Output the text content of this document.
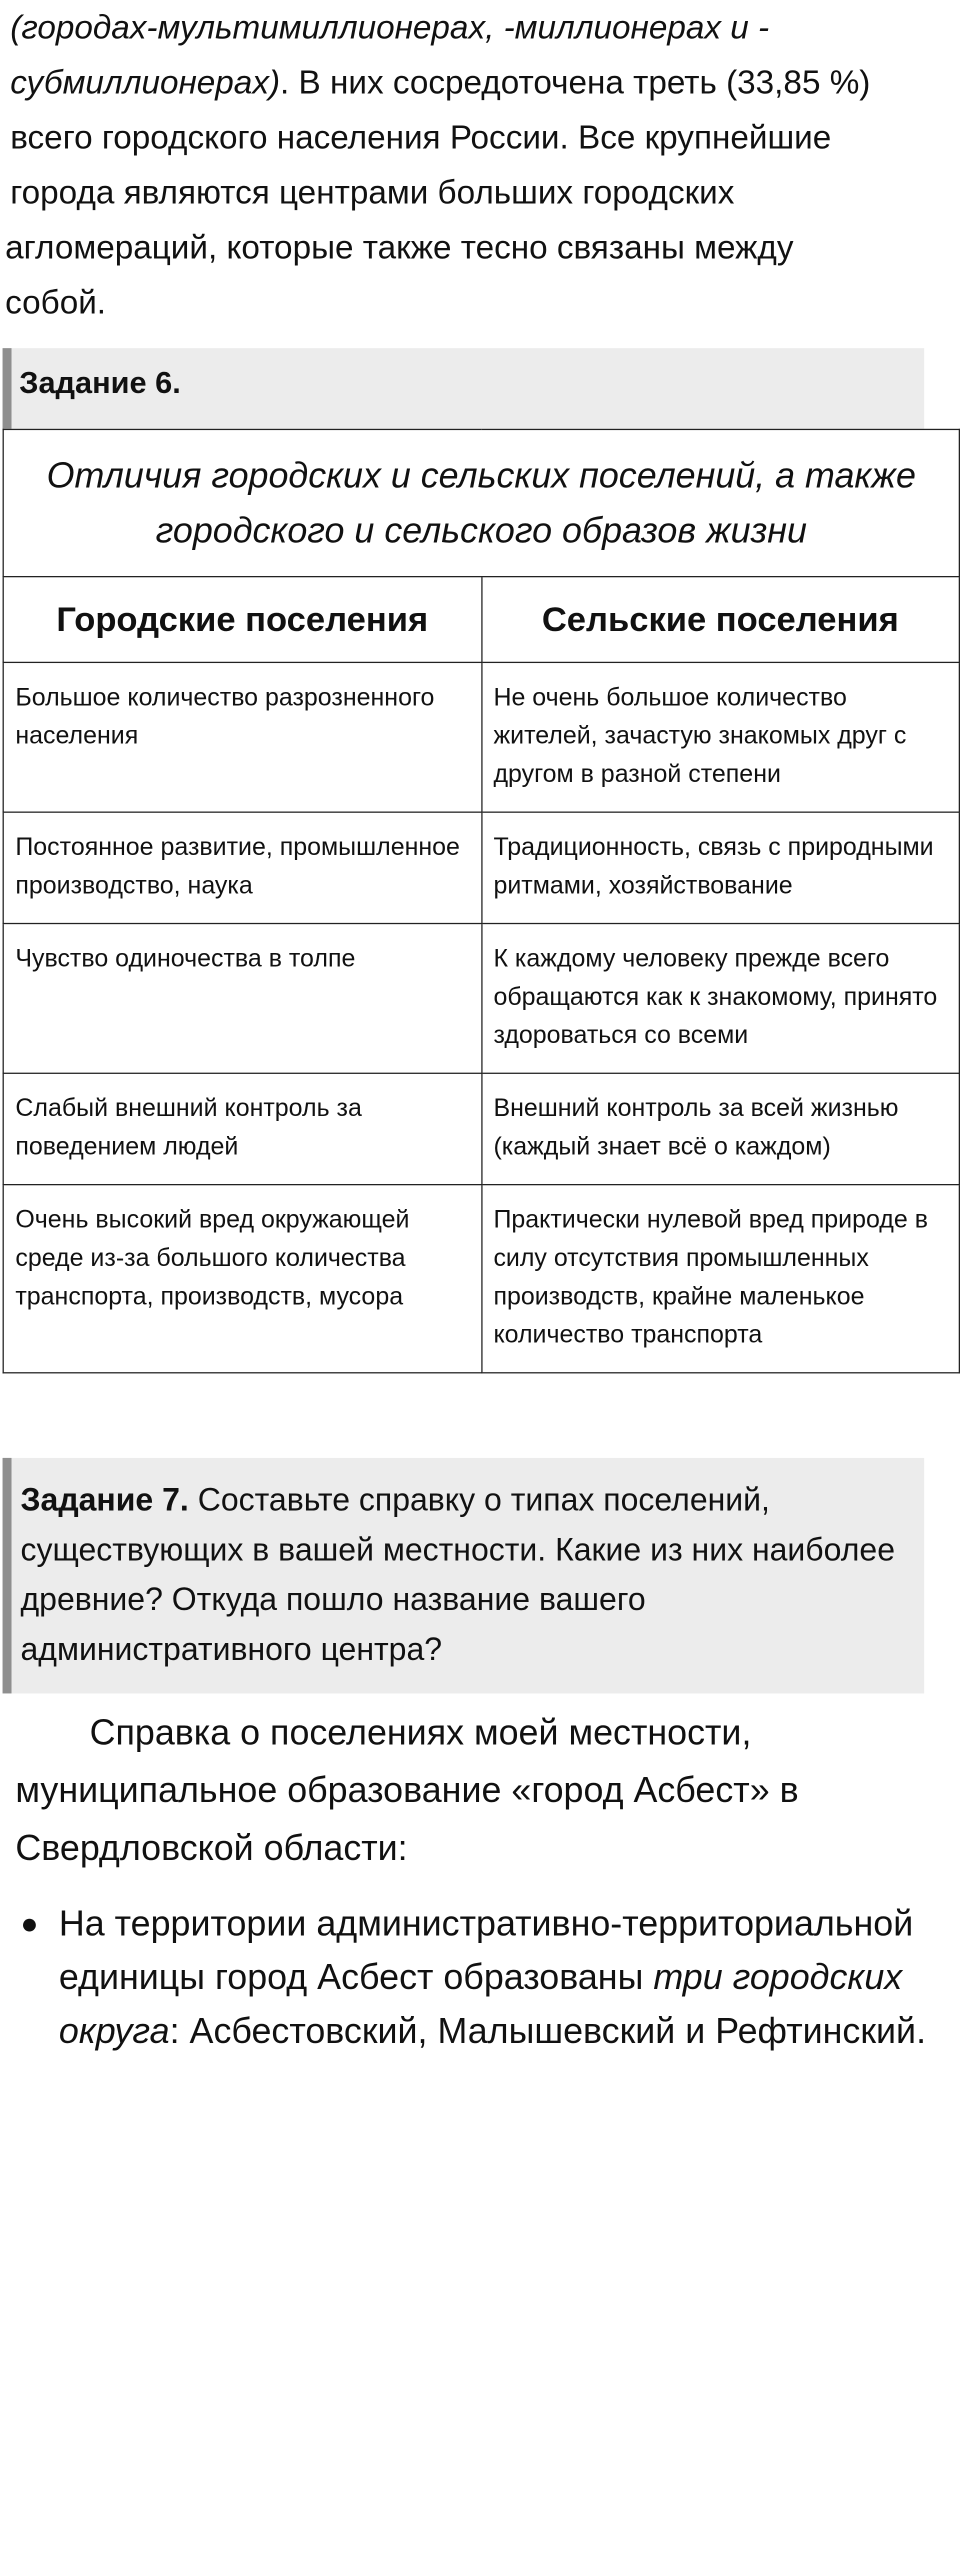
(городах-мультимиллионерах, -миллионерах и -
субмиллионерах). В них сосредоточена треть (33,85 %)
всего городского населения России. Все крупнейшие
города являются центрами больших городских
агломераций, которые также тесно связаны между
собой.

Задание 6.
Отличия городских и сельских поселений, а также городского и сельского образов жизни	
Городские поселения	Сельские поселения
Большое количество разрозненного населения	Не очень большое количество жителей, зачастую знакомых друг с другом в разной степени
Постоянное развитие, промышленное производство, наука	Традиционность, связь с природными ритмами, хозяйствование
Чувство одиночества в толпе	К каждому человеку прежде всего обращаются как к знакомому, принято здороваться со всеми
Слабый внешний контроль за поведением людей	Внешний контроль за всей жизнью (каждый знает всё о каждом)
Очень высокий вред окружающей среде из-за большого количества транспорта, производств, мусора	Практически нулевой вред природе в силу отсутствия промышленных производств, крайне маленькое количество транспорта
Задание 7. Составьте справку о типах поселений, существующих в вашей местности. Какие из них наиболее древние? Откуда пошло название вашего административного центра?
Справка о поселениях моей местности, муниципальное образование «город Асбест» в Свердловской области:
На территории административно-территориальной единицы город Асбест образованы три городских округа: Асбестовский, Малышевский и Рефтинский.
